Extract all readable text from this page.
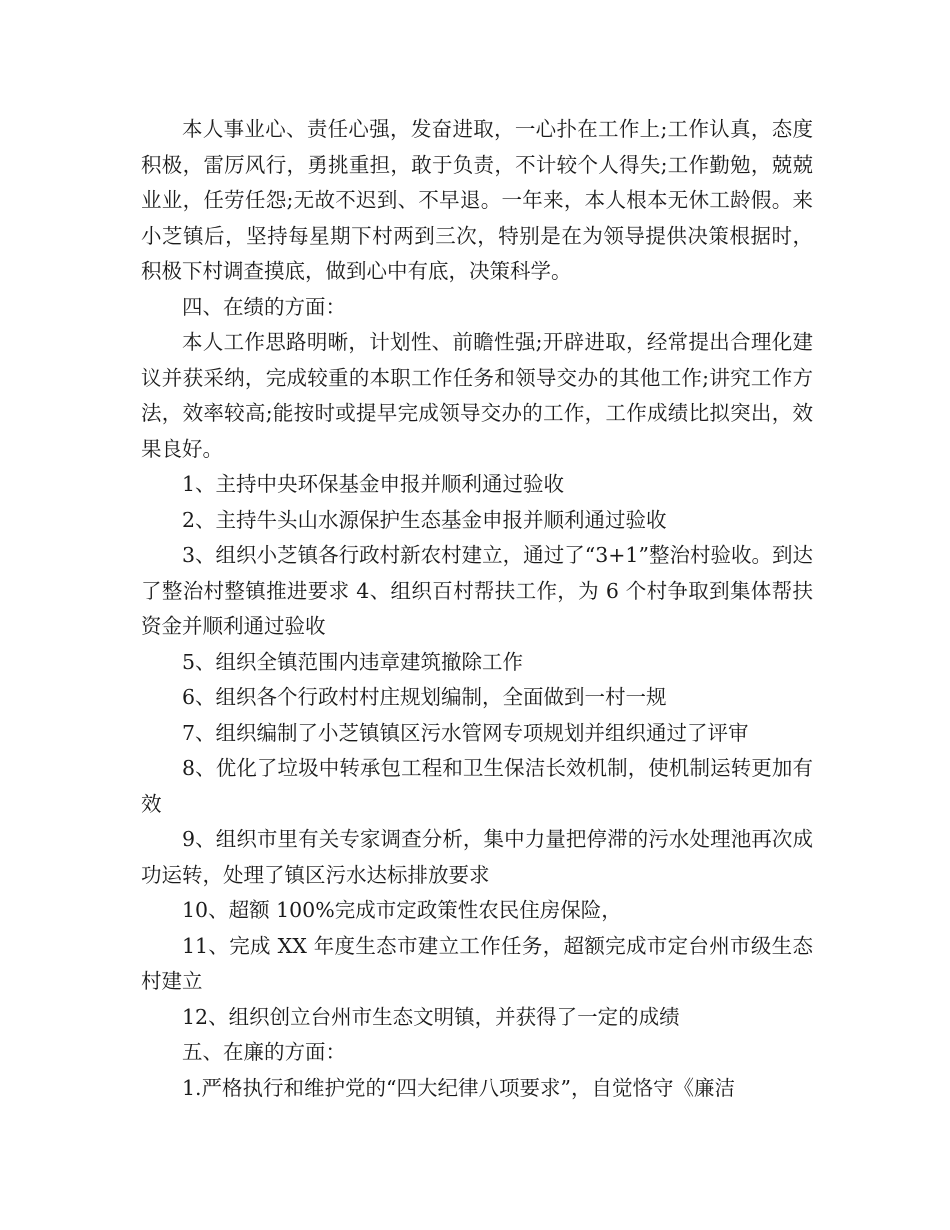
本人事业心、责任心强，发奋进取，一心扑在工作上;工作认真，态度积极，雷厉风行，勇挑重担，敢于负责，不计较个人得失;工作勤勉，兢兢业业，任劳任怨;无故不迟到、不早退。一年来，本人根本无休工龄假。来小芝镇后，坚持每星期下村两到三次，特别是在为领导提供决策根据时，积极下村调查摸底，做到心中有底，决策科学。

四、在绩的方面：

本人工作思路明晰，计划性、前瞻性强;开辟进取，经常提出合理化建议并获采纳，完成较重的本职工作任务和领导交办的其他工作;讲究工作方法，效率较高;能按时或提早完成领导交办的工作，工作成绩比拟突出，效果良好。

1、主持中央环保基金申报并顺利通过验收

2、主持牛头山水源保护生态基金申报并顺利通过验收

3、组织小芝镇各行政村新农村建立，通过了“3+1”整治村验收。到达了整治村整镇推进要求 4、组织百村帮扶工作，为 6 个村争取到集体帮扶资金并顺利通过验收

5、组织全镇范围内违章建筑撤除工作

6、组织各个行政村村庄规划编制，全面做到一村一规

7、组织编制了小芝镇镇区污水管网专项规划并组织通过了评审

8、优化了垃圾中转承包工程和卫生保洁长效机制，使机制运转更加有效

9、组织市里有关专家调查分析，集中力量把停滞的污水处理池再次成功运转，处理了镇区污水达标排放要求

10、超额 100%完成市定政策性农民住房保险，

11、完成 XX 年度生态市建立工作任务，超额完成市定台州市级生态村建立

12、组织创立台州市生态文明镇，并获得了一定的成绩

五、在廉的方面：

1.严格执行和维护党的“四大纪律八项要求”，自觉恪守《廉洁
